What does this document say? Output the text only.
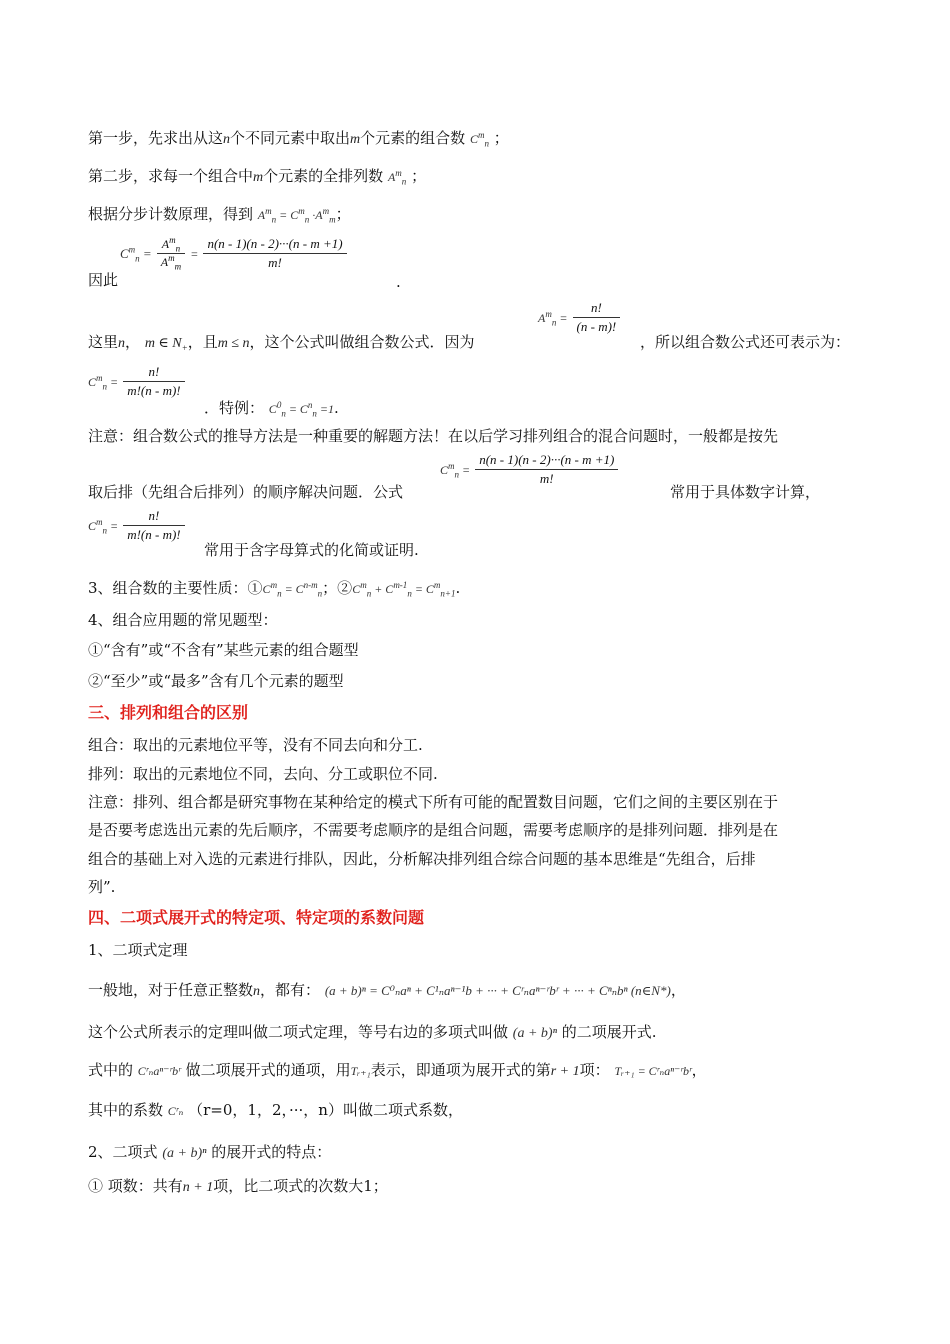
第一步，先求出从这n个不同元素中取出m个元素的组合数 $C^m_n$ ；
第二步，求每一个组合中m个元素的全排列数 $A^m_n$ ；
根据分步计数原理，得到 $A^m_n = C^m_n \cdot A^m_m$；
$C^m_n = \frac{A^m_n}{A^m_m} = \frac{n(n - 1)(n - 2)\cdot\cdot\cdot(n - m +1)}{m!}$
因此	.
这里n， m ∈ $N_+$，且m ≤ n，这个公式叫做组合数公式．因为
$A^m_n = \frac{n!}{(n - m)!}$
，所以组合数公式还可表示为：
$C^m_n = \frac{n!}{m!(n - m)!}$
．特例： $C^0_n = C^n_n =1$.
注意：组合数公式的推导方法是一种重要的解题方法！在以后学习排列组合的混合问题时，一般都是按先
取后排（先组合后排列）的顺序解决问题．公式
$C^m_n = \frac{n(n - 1)(n - 2)\cdot\cdot\cdot(n - m +1)}{m!}$
常用于具体数字计算，
$C^m_n = \frac{n!}{m!(n - m)!}$
常用于含字母算式的化简或证明.
3、组合数的主要性质：$①C^m_n = C^{n-m}_n$；$②C^m_n + C^{m-1}_n = C^m_{n+1}$.
4、组合应用题的常见题型：
①“含有”或“不含有”某些元素的组合题型
②“至少”或“最多”含有几个元素的题型
三、排列和组合的区别
组合：取出的元素地位平等，没有不同去向和分工.
排列：取出的元素地位不同，去向、分工或职位不同.
注意：排列、组合都是研究事物在某种给定的模式下所有可能的配置数目问题，它们之间的主要区别在于
是否要考虑选出元素的先后顺序，不需要考虑顺序的是组合问题，需要考虑顺序的是排列问题．排列是在
组合的基础上对入选的元素进行排队，因此，分析解决排列组合综合问题的基本思维是“先组合，后排
列”.
四、二项式展开式的特定项、特定项的系数问题
1、二项式定理
一般地，对于任意正整数n，都有： (a + b)ⁿ = C⁰ₙaⁿ + C¹ₙaⁿ⁻¹b + ··· + Cʳₙaⁿ⁻ʳbʳ + ··· + Cⁿₙbⁿ (n∈N*)，
这个公式所表示的定理叫做二项式定理，等号右边的多项式叫做 (a + b)ⁿ 的二项展开式.
式中的 Cʳₙaⁿ⁻ʳbʳ 做二项展开式的通项，用Tᵣ₊₁表示，即通项为展开式的第r + 1项： Tᵣ₊₁ = Cʳₙaⁿ⁻ʳbʳ，
其中的系数 Cʳₙ （r=0，1，2，···，n）叫做二项式系数，
2、二项式 (a + b)ⁿ 的展开式的特点：
① 项数：共有n + 1项，比二项式的次数大1；
